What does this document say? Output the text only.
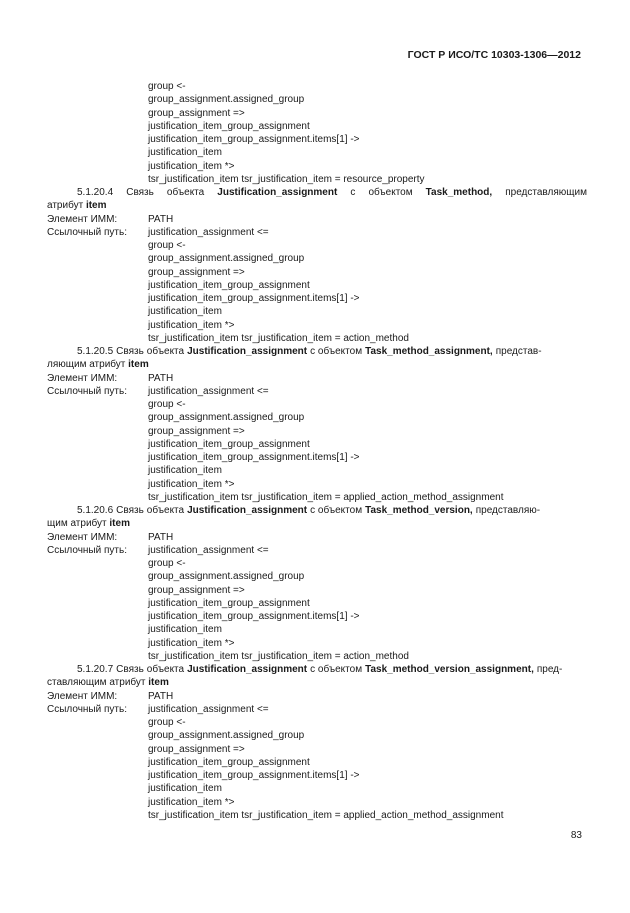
ГОСТ Р ИСО/ТС 10303-1306—2012
group <-
group_assignment.assigned_group
group_assignment =>
justification_item_group_assignment
justification_item_group_assignment.items[1] ->
justification_item
justification_item *>
tsr_justification_item tsr_justification_item = resource_property
5.1.20.4 Связь объекта Justification_assignment с объектом Task_method, представляющим
атрибут item
Элемент ИММ:	PATH
Ссылочный путь:	justification_assignment <=
group <-
group_assignment.assigned_group
group_assignment =>
justification_item_group_assignment
justification_item_group_assignment.items[1] ->
justification_item
justification_item *>
tsr_justification_item tsr_justification_item = action_method
5.1.20.5 Связь объекта Justification_assignment с объектом Task_method_assignment, представ-
ляющим атрибут item
Элемент ИММ:	PATH
Ссылочный путь:	justification_assignment <=
group <-
group_assignment.assigned_group
group_assignment =>
justification_item_group_assignment
justification_item_group_assignment.items[1] ->
justification_item
justification_item *>
tsr_justification_item tsr_justification_item = applied_action_method_assignment
5.1.20.6 Связь объекта Justification_assignment с объектом Task_method_version, представляю-
щим атрибут item
Элемент ИММ:	PATH
Ссылочный путь:	justification_assignment <=
group <-
group_assignment.assigned_group
group_assignment =>
justification_item_group_assignment
justification_item_group_assignment.items[1] ->
justification_item
justification_item *>
tsr_justification_item tsr_justification_item = action_method
5.1.20.7 Связь объекта Justification_assignment с объектом Task_method_version_assignment, пред-
ставляющим атрибут item
Элемент ИММ:	PATH
Ссылочный путь:	justification_assignment <=
group <-
group_assignment.assigned_group
group_assignment =>
justification_item_group_assignment
justification_item_group_assignment.items[1] ->
justification_item
justification_item *>
tsr_justification_item tsr_justification_item = applied_action_method_assignment
83
